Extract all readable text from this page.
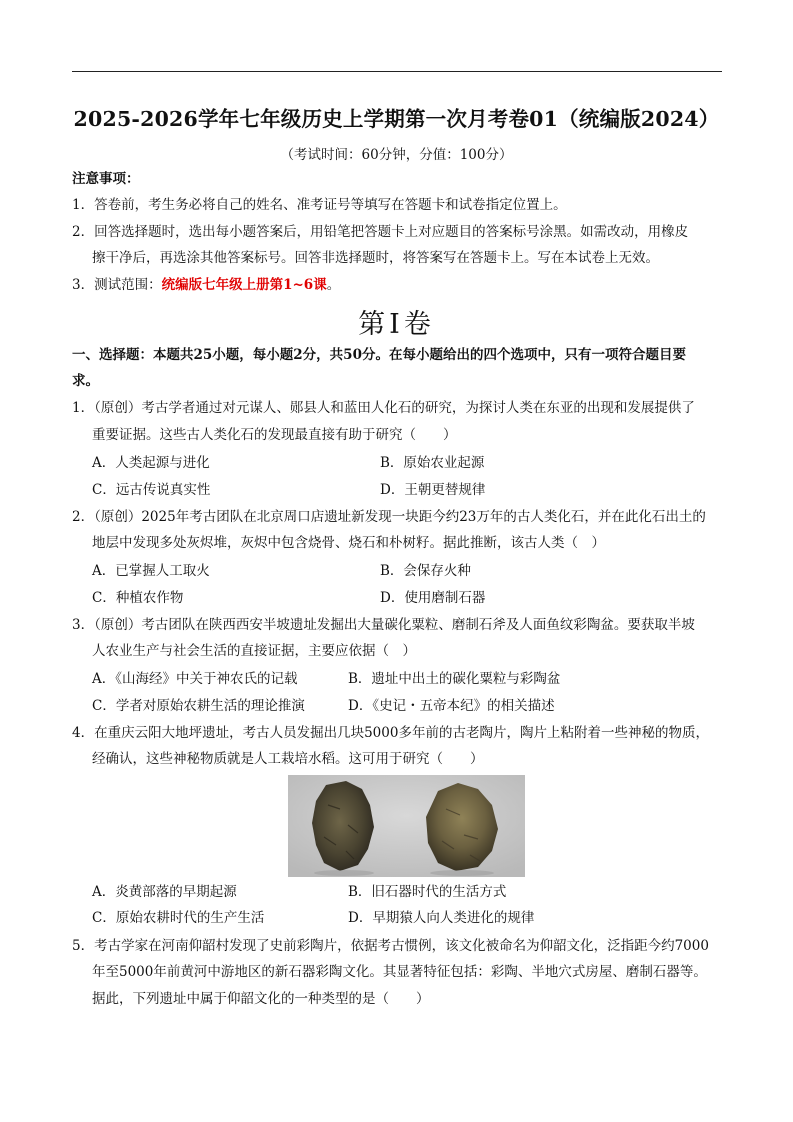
2025-2026学年七年级历史上学期第一次月考卷01（统编版2024）
（考试时间：60分钟，分值：100分）
注意事项：
1．答卷前，考生务必将自己的姓名、准考证号等填写在答题卡和试卷指定位置上。
2．回答选择题时，选出每小题答案后，用铅笔把答题卡上对应题目的答案标号涂黑。如需改动，用橡皮
擦干净后，再选涂其他答案标号。回答非选择题时，将答案写在答题卡上。写在本试卷上无效。
3．测试范围：统编版七年级上册第1~6课。
第Ⅰ卷
一、选择题：本题共25小题，每小题2分，共50分。在每小题给出的四个选项中，只有一项符合题目要
求。
1．（原创）考古学者通过对元谋人、郧县人和蓝田人化石的研究，为探讨人类在东亚的出现和发展提供了
重要证据。这些古人类化石的发现最直接有助于研究（　　）
A．人类起源与进化	B．原始农业起源
C．远古传说真实性	D．王朝更替规律
2．（原创）2025年考古团队在北京周口店遗址新发现一块距今约23万年的古人类化石，并在此化石出土的
地层中发现多处灰烬堆，灰烬中包含烧骨、烧石和朴树籽。据此推断，该古人类（　）
A．已掌握人工取火	B．会保存火种
C．种植农作物	D．使用磨制石器
3．（原创）考古团队在陕西西安半坡遗址发掘出大量碳化粟粒、磨制石斧及人面鱼纹彩陶盆。要获取半坡
人农业生产与社会生活的直接证据，主要应依据（　）
A．《山海经》中关于神农氏的记载	B．遗址中出土的碳化粟粒与彩陶盆
C．学者对原始农耕生活的理论推演	D．《史记・五帝本纪》的相关描述
4．在重庆云阳大地坪遗址，考古人员发掘出几块5000多年前的古老陶片，陶片上粘附着一些神秘的物质，
经确认，这些神秘物质就是人工栽培水稻。这可用于研究（　　）
A．炎黄部落的早期起源	B．旧石器时代的生活方式
C．原始农耕时代的生产生活	D．早期猿人向人类进化的规律
5．考古学家在河南仰韶村发现了史前彩陶片，依据考古惯例，该文化被命名为仰韶文化，泛指距今约7000
年至5000年前黄河中游地区的新石器彩陶文化。其显著特征包括：彩陶、半地穴式房屋、磨制石器等。
据此，下列遗址中属于仰韶文化的一种类型的是（　　）
